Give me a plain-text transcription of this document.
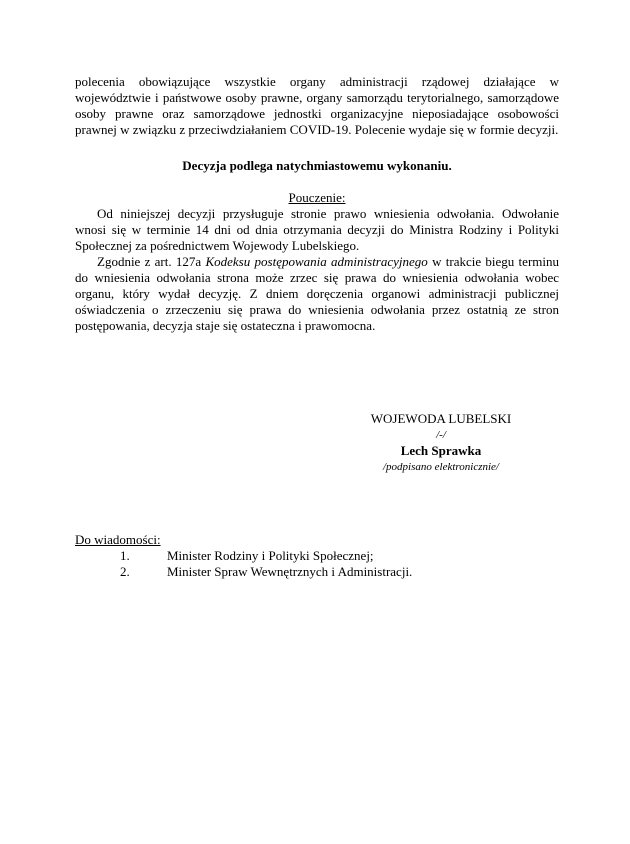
polecenia obowiązujące wszystkie organy administracji rządowej działające w województwie i państwowe osoby prawne, organy samorządu terytorialnego, samorządowe osoby prawne oraz samorządowe jednostki organizacyjne nieposiadające osobowości prawnej w związku z przeciwdziałaniem COVID-19. Polecenie wydaje się w formie decyzji.

Decyzja podlega natychmiastowemu wykonaniu.

Pouczenie:

Od niniejszej decyzji przysługuje stronie prawo wniesienia odwołania. Odwołanie wnosi się w terminie 14 dni od dnia otrzymania decyzji do Ministra Rodziny i Polityki Społecznej za pośrednictwem Wojewody Lubelskiego.

Zgodnie z art. 127a Kodeksu postępowania administracyjnego w trakcie biegu terminu do wniesienia odwołania strona może zrzec się prawa do wniesienia odwołania wobec organu, który wydał decyzję. Z dniem doręczenia organowi administracji publicznej oświadczenia o zrzeczeniu się prawa do wniesienia odwołania przez ostatnią ze stron postępowania, decyzja staje się ostateczna i prawomocna.

WOJEWODA LUBELSKI
/-/
Lech Sprawka
/podpisano elektronicznie/
Do wiadomości:
1.	Minister Rodziny i Polityki Społecznej;
2.	Minister Spraw Wewnętrznych i Administracji.
